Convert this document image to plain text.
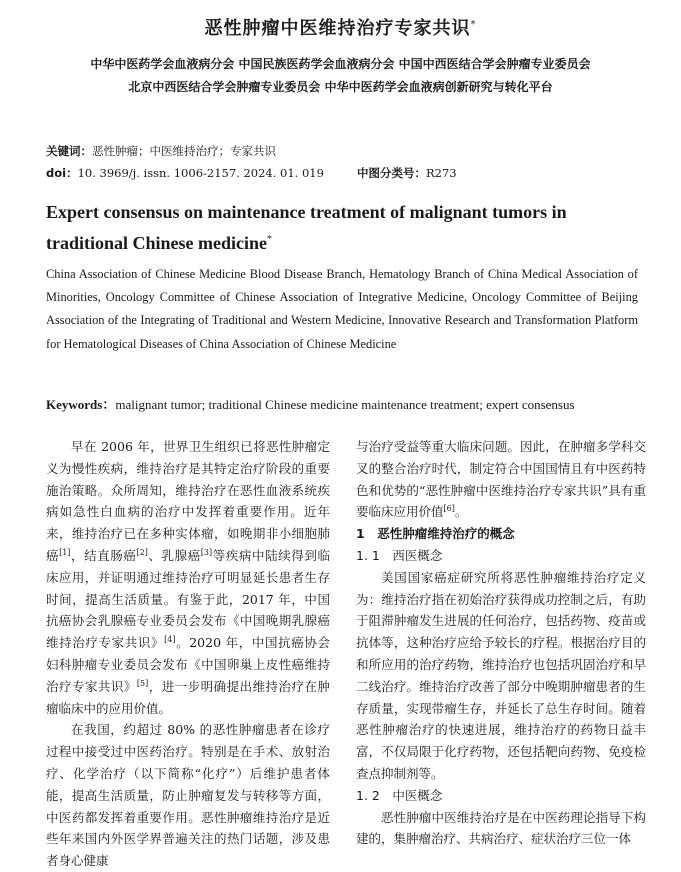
恶性肿瘤中医维持治疗专家共识*
中华中医药学会血液病分会 中国民族医药学会血液病分会 中国中西医结合学会肿瘤专业委员会
北京中西医结合学会肿瘤专业委员会 中华中医药学会血液病创新研究与转化平台
关键词：恶性肿瘤；中医维持治疗；专家共识
doi：10. 3969/j. issn. 1006-2157. 2024. 01. 019	中图分类号：R273
Expert consensus on maintenance treatment of malignant tumors in
traditional Chinese medicine*
China Association of Chinese Medicine Blood Disease Branch, Hematology Branch of China Medical Association of Minorities, Oncology Committee of Chinese Association of Integrative Medicine, Oncology Committee of Beijing Association of the Integrating of Traditional and Western Medicine, Innovative Research and Transformation Platform for Hematological Diseases of China Association of Chinese Medicine
Keywords：malignant tumor; traditional Chinese medicine maintenance treatment; expert consensus

早在 2006 年，世界卫生组织已将恶性肿瘤定义为慢性疾病，维持治疗是其特定治疗阶段的重要施治策略。众所周知，维持治疗在恶性血液系统疾病如急性白血病的治疗中发挥着重要作用。近年来，维持治疗已在多种实体瘤，如晚期非小细胞肺癌[1]，结直肠癌[2]、乳腺癌[3]等疾病中陆续得到临床应用，并证明通过维持治疗可明显延长患者生存时间，提高生活质量。有鉴于此，2017 年，中国抗癌协会乳腺癌专业委员会发布《中国晚期乳腺癌维持治疗专家共识》[4]。2020 年，中国抗癌协会妇科肿瘤专业委员会发布《中国卵巢上皮性癌维持治疗专家共识》[5]，进一步明确提出维持治疗在肿瘤临床中的应用价值。

在我国，约超过 80% 的恶性肿瘤患者在诊疗过程中接受过中医药治疗。特别是在手术、放射治疗、化学治疗（以下简称“化疗”）后维护患者体能，提高生活质量，防止肿瘤复发与转移等方面，中医药都发挥着重要作用。恶性肿瘤维持治疗是近些年来国内外医学界普遍关注的热门话题，涉及患者身心健康

与治疗受益等重大临床问题。因此，在肿瘤多学科交叉的整合治疗时代，制定符合中国国情且有中医药特色和优势的“恶性肿瘤中医维持治疗专家共识”具有重要临床应用价值[6]。

1　恶性肿瘤维持治疗的概念

1. 1　西医概念

美国国家癌症研究所将恶性肿瘤维持治疗定义为：维持治疗指在初始治疗获得成功控制之后，有助于阻滞肿瘤发生进展的任何治疗，包括药物、疫苗或抗体等，这种治疗应给予较长的疗程。根据治疗目的和所应用的治疗药物，维持治疗也包括巩固治疗和早二线治疗。维持治疗改善了部分中晚期肿瘤患者的生存质量，实现带瘤生存，并延长了总生存时间。随着恶性肿瘤治疗的快速进展，维持治疗的药物日益丰富，不仅局限于化疗药物，还包括靶向药物、免疫检查点抑制剂等。

1. 2　中医概念

恶性肿瘤中医维持治疗是在中医药理论指导下构建的，集肿瘤治疗、共病治疗、症状治疗三位一体
